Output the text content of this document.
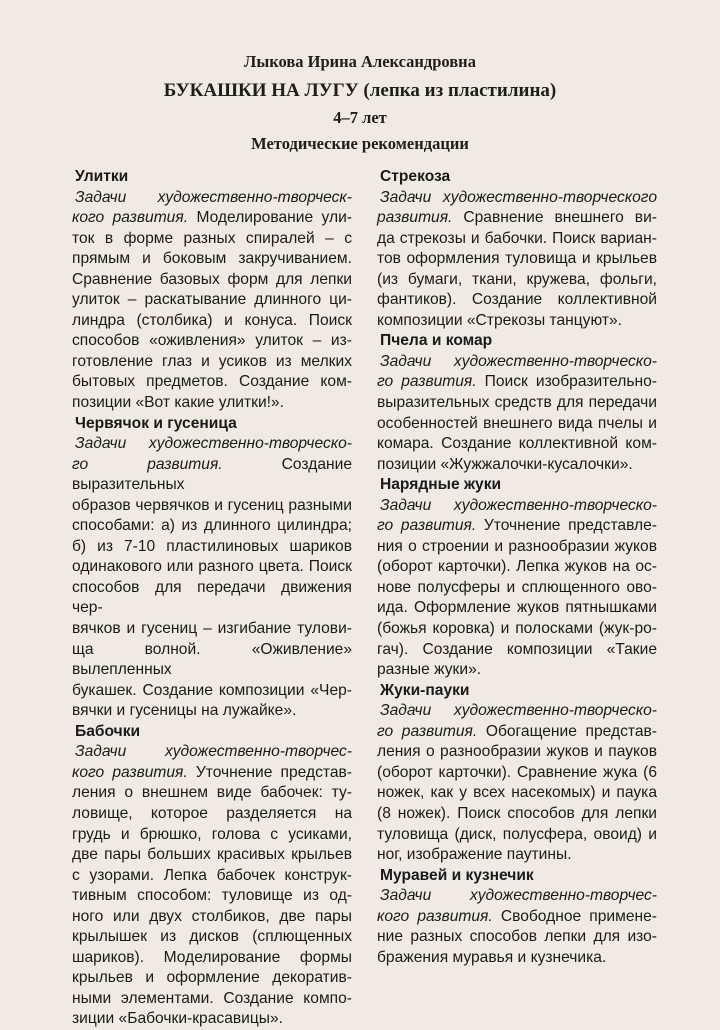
Лыкова Ирина Александровна
БУКАШКИ НА ЛУГУ (лепка из пластилина)
4–7 лет
Методические рекомендации
Улитки
Задачи художественно-творческ-
кого развития. Моделирование ули-
ток в форме разных спиралей – с
прямым и боковым закручиванием.
Сравнение базовых форм для лепки
улиток – раскатывание длинного ци-
линдра (столбика) и конуса. Поиск
способов «оживления» улиток – из-
готовление глаз и усиков из мелких
бытовых предметов. Создание ком-
позиции «Вот какие улитки!».
Червячок и гусеница
Задачи художественно-творческо-
го развития. Создание выразительных
образов червячков и гусениц разными
способами: а) из длинного цилиндра;
б) из 7-10 пластилиновых шариков
одинакового или разного цвета. Поиск
способов для передачи движения чер-
вячков и гусениц – изгибание тулови-
ща волной. «Оживление» вылепленных
букашек. Создание композиции «Чер-
вячки и гусеницы на лужайке».
Бабочки
Задачи художественно-творчес-
кого развития. Уточнение представ-
ления о внешнем виде бабочек: ту-
ловище, которое разделяется на
грудь и брюшко, голова с усиками,
две пары больших красивых крыльев
с узорами. Лепка бабочек конструк-
тивным способом: туловище из од-
ного или двух столбиков, две пары
крылышек из дисков (сплющенных
шариков). Моделирование формы
крыльев и оформление декоратив-
ными элементами. Создание компо-
зиции «Бабочки-красавицы».
Стрекоза
Задачи художественно-творческого
развития. Сравнение внешнего ви-
да стрекозы и бабочки. Поиск вариан-
тов оформления туловища и крыльев
(из бумаги, ткани, кружева, фольги,
фантиков). Создание коллективной
композиции «Стрекозы танцуют».
Пчела и комар
Задачи художественно-творческо-
го развития. Поиск изобразительно-
выразительных средств для передачи
особенностей внешнего вида пчелы и
комара. Создание коллективной ком-
позиции «Жужжалочки-кусалочки».
Нарядные жуки
Задачи художественно-творческо-
го развития. Уточнение представле-
ния о строении и разнообразии жуков
(оборот карточки). Лепка жуков на ос-
нове полусферы и сплющенного ово-
ида. Оформление жуков пятнышками
(божья коровка) и полосками (жук-ро-
гач). Создание композиции «Такие
разные жуки».
Жуки-пауки
Задачи художественно-творческо-
го развития. Обогащение представ-
ления о разнообразии жуков и пауков
(оборот карточки). Сравнение жука (6
ножек, как у всех насекомых) и паука
(8 ножек). Поиск способов для лепки
туловища (диск, полусфера, овоид) и
ног, изображение паутины.
Муравей и кузнечик
Задачи художественно-творчес-
кого развития. Свободное примене-
ние разных способов лепки для изо-
бражения муравья и кузнечика.
